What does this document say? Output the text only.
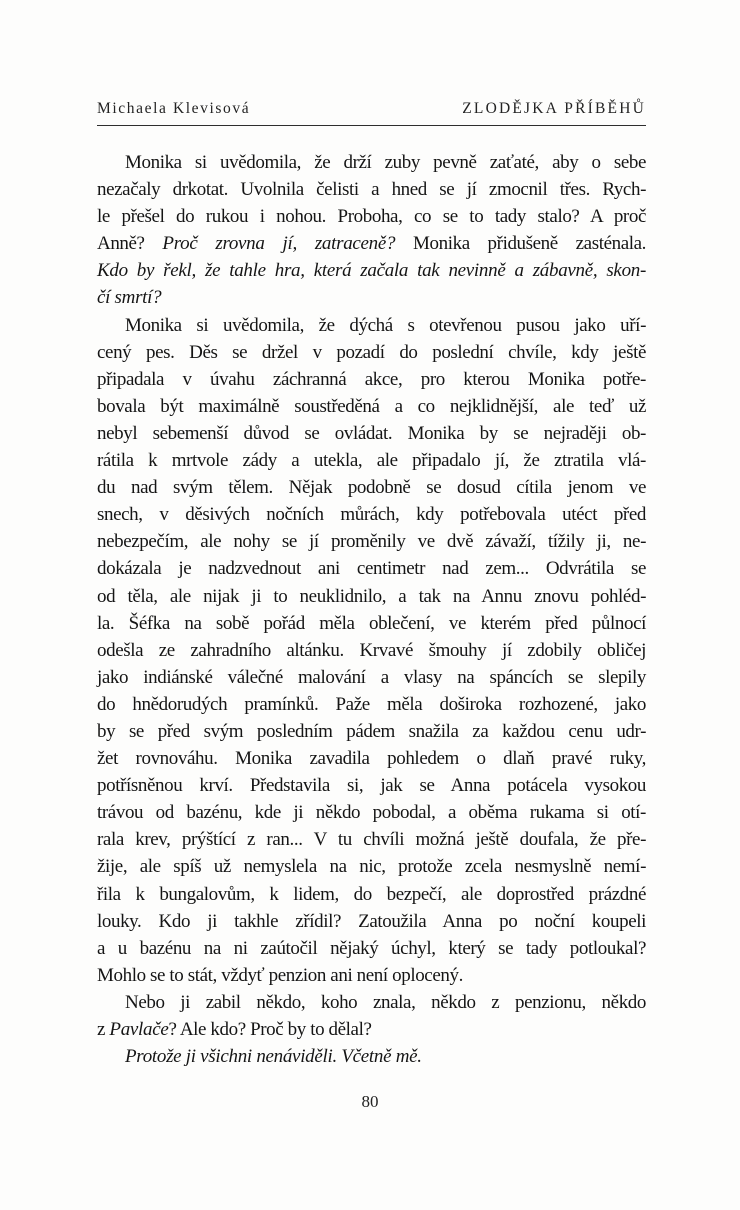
Michaela Klevisová	ZLODĚJKA PŘÍBĚHŮ
Monika si uvědomila, že drží zuby pevně zaťaté, aby o sebe
nezačaly drkotat. Uvolnila čelisti a hned se jí zmocnil třes. Rych-
le přešel do rukou i nohou. Proboha, co se to tady stalo? A proč
Anně? Proč zrovna jí, zatraceně? Monika přidušeně zasténala.
Kdo by řekl, že tahle hra, která začala tak nevinně a zábavně, skon-
čí smrtí?
Monika si uvědomila, že dýchá s otevřenou pusou jako uří-
cený pes. Děs se držel v pozadí do poslední chvíle, kdy ještě
připadala v úvahu záchranná akce, pro kterou Monika potře-
bovala být maximálně soustředěná a co nejklidnější, ale teď už
nebyl sebemenší důvod se ovládat. Monika by se nejraději ob-
rátila k mrtvole zády a utekla, ale připadalo jí, že ztratila vlá-
du nad svým tělem. Nějak podobně se dosud cítila jenom ve
snech, v děsivých nočních můrách, kdy potřebovala utéct před
nebezpečím, ale nohy se jí proměnily ve dvě závaží, tížily ji, ne-
dokázala je nadzvednout ani centimetr nad zem... Odvrátila se
od těla, ale nijak ji to neuklidnilo, a tak na Annu znovu pohléd-
la. Šéfka na sobě pořád měla oblečení, ve kterém před půlnocí
odešla ze zahradního altánku. Krvavé šmouhy jí zdobily obličej
jako indiánské válečné malování a vlasy na spáncích se slepily
do hnědorudých pramínků. Paže měla doširoka rozhozené, jako
by se před svým posledním pádem snažila za každou cenu udr-
žet rovnováhu. Monika zavadila pohledem o dlaň pravé ruky,
potřísněnou krví. Představila si, jak se Anna potácela vysokou
trávou od bazénu, kde ji někdo pobodal, a oběma rukama si otí-
rala krev, prýštící z ran... V tu chvíli možná ještě doufala, že pře-
žije, ale spíš už nemyslela na nic, protože zcela nesmyslně nemí-
řila k bungalovům, k lidem, do bezpečí, ale doprostřed prázdné
louky. Kdo ji takhle zřídil? Zatoužila Anna po noční koupeli
a u bazénu na ni zaútočil nějaký úchyl, který se tady potloukal?
Mohlo se to stát, vždyť penzion ani není oplocený.
Nebo ji zabil někdo, koho znala, někdo z penzionu, někdo
z Pavlače? Ale kdo? Proč by to dělal?
Protože ji všichni nenáviděli. Včetně mě.
80
